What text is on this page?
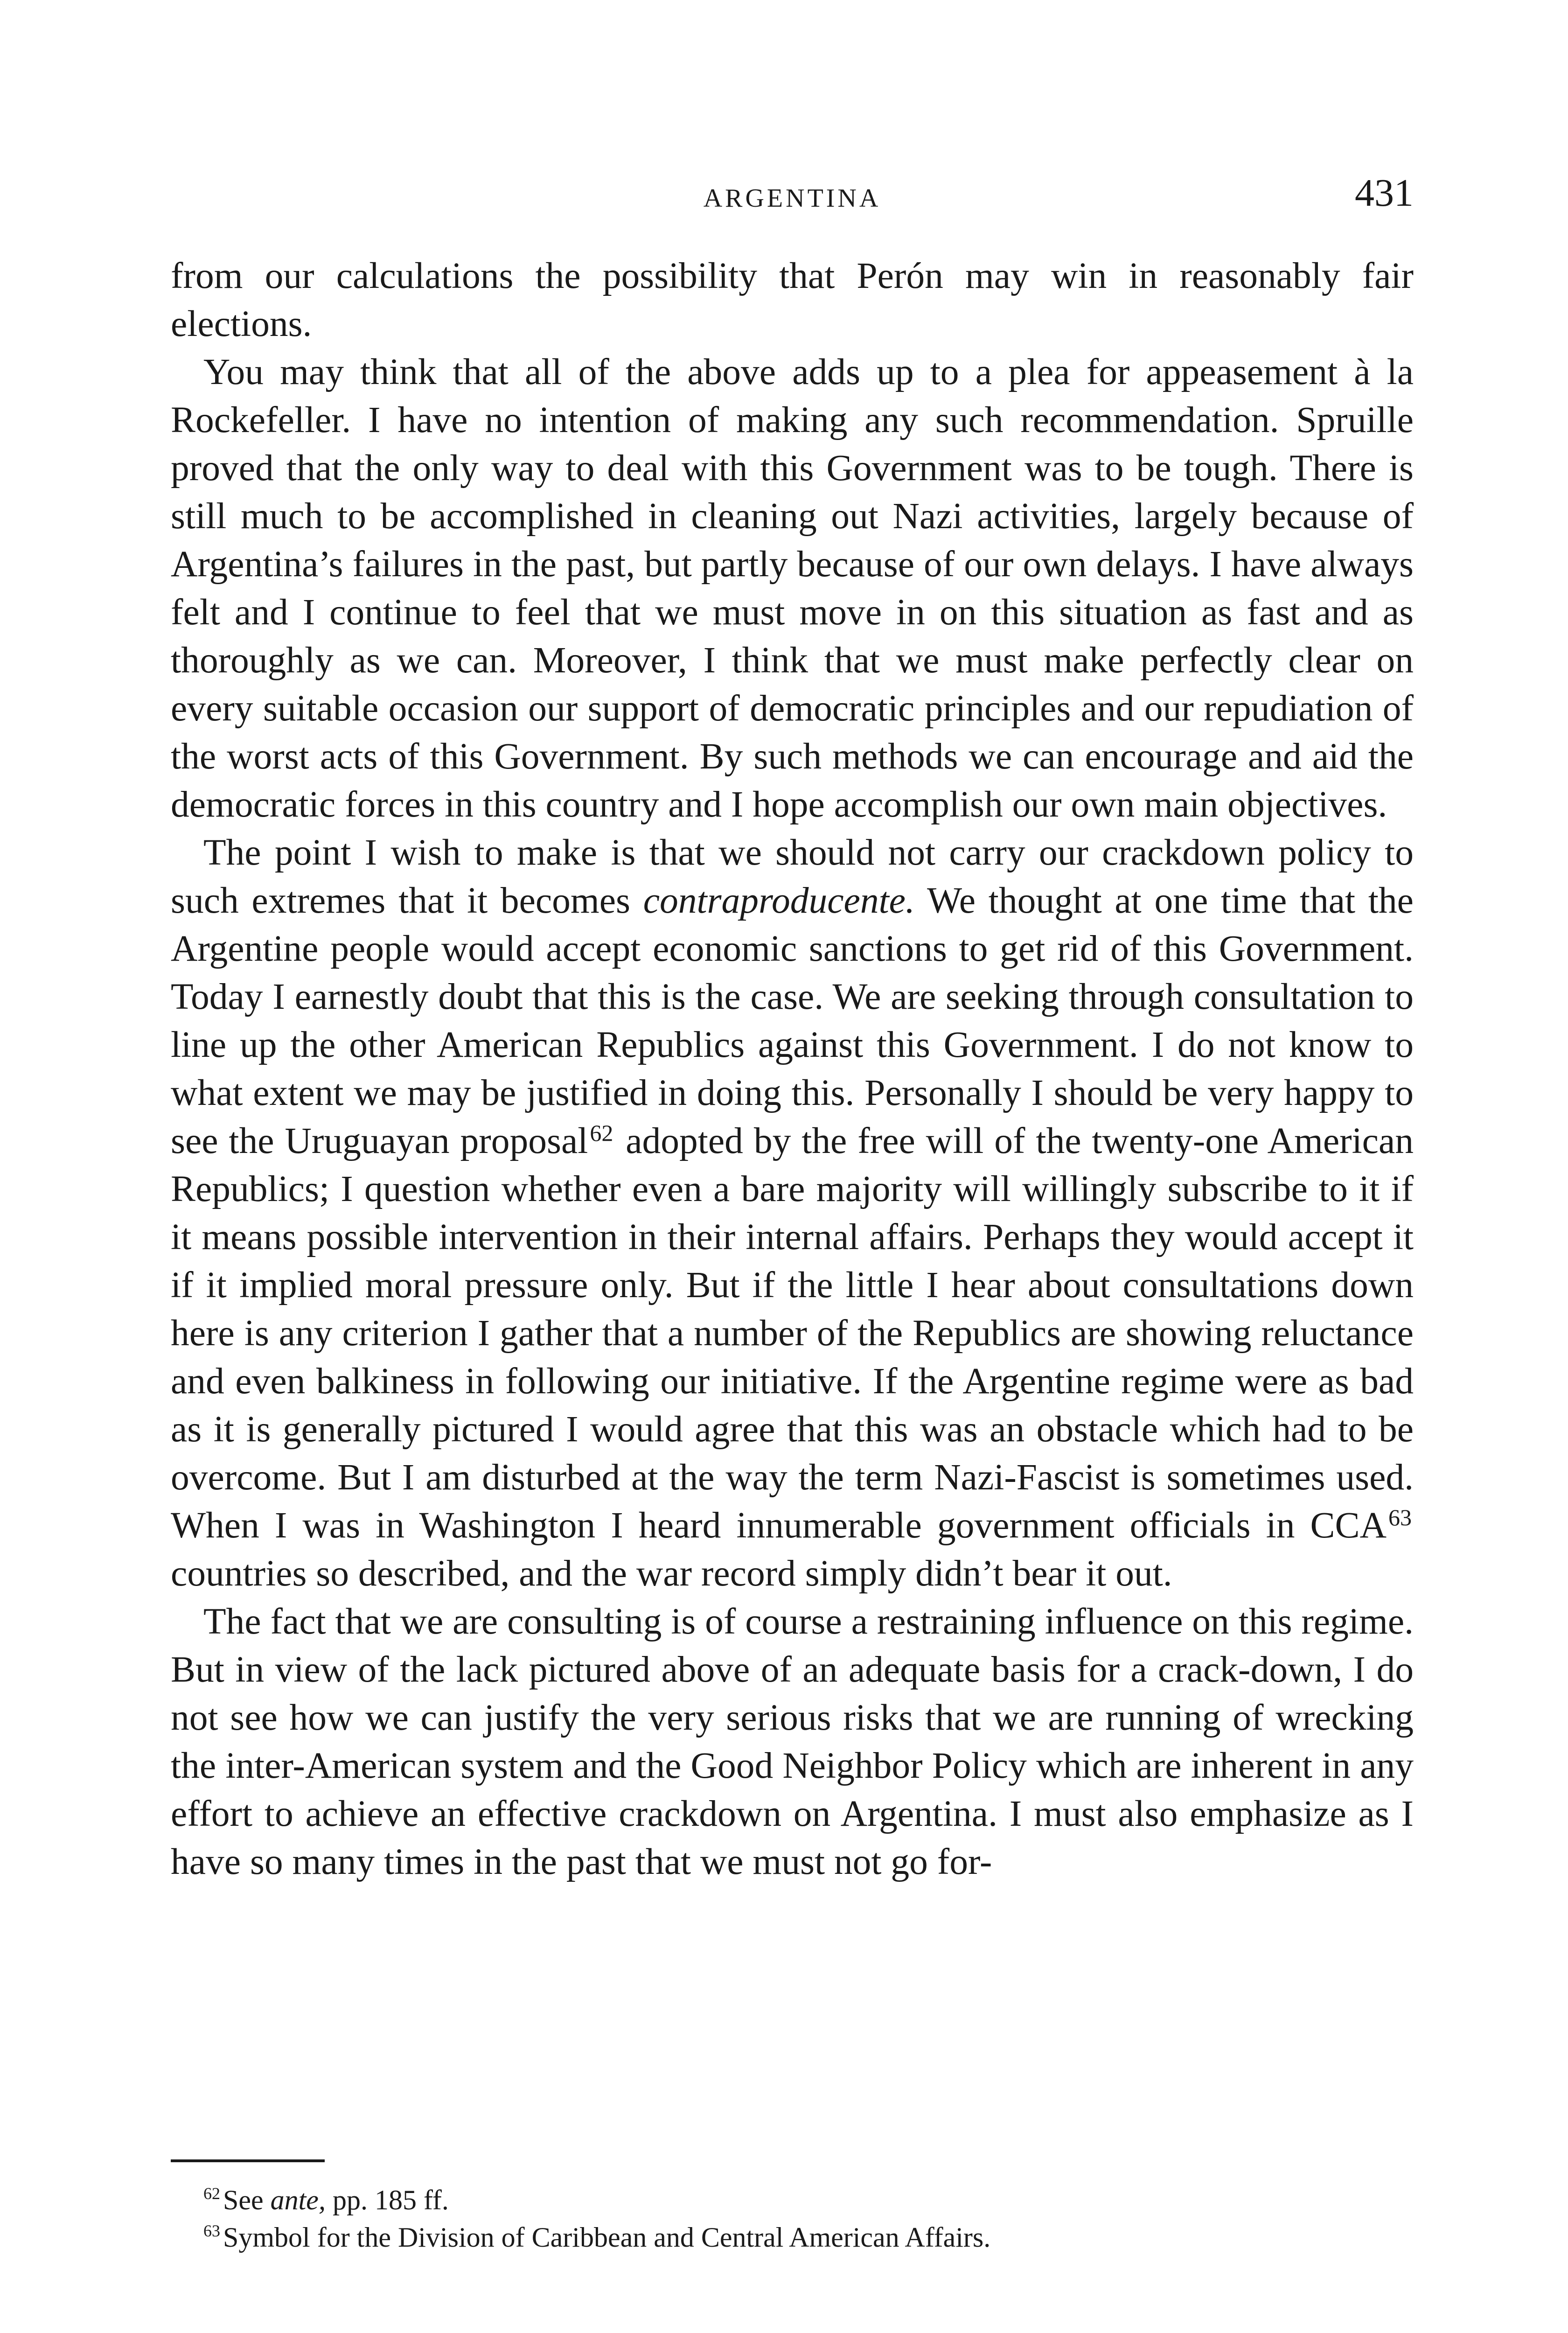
ARGENTINA	431

from our calculations the possibility that Perón may win in reasonably fair elections.

You may think that all of the above adds up to a plea for appeasement à la Rockefeller. I have no intention of making any such recommendation. Spruille proved that the only way to deal with this Government was to be tough. There is still much to be accomplished in cleaning out Nazi activities, largely because of Argentina’s failures in the past, but partly because of our own delays. I have always felt and I continue to feel that we must move in on this situation as fast and as thoroughly as we can. Moreover, I think that we must make perfectly clear on every suitable occasion our support of democratic principles and our repudiation of the worst acts of this Government. By such methods we can encourage and aid the democratic forces in this country and I hope accomplish our own main objectives.

The point I wish to make is that we should not carry our crackdown policy to such extremes that it becomes contraproducente. We thought at one time that the Argentine people would accept economic sanctions to get rid of this Government. Today I earnestly doubt that this is the case. We are seeking through consultation to line up the other American Republics against this Government. I do not know to what extent we may be justified in doing this. Personally I should be very happy to see the Uruguayan proposal$^{62}$ adopted by the free will of the twenty-one American Republics; I question whether even a bare majority will willingly subscribe to it if it means possible intervention in their internal affairs. Perhaps they would accept it if it implied moral pressure only. But if the little I hear about consultations down here is any criterion I gather that a number of the Republics are showing reluctance and even balkiness in following our initiative. If the Argentine regime were as bad as it is generally pictured I would agree that this was an obstacle which had to be overcome. But I am disturbed at the way the term Nazi-Fascist is sometimes used. When I was in Washington I heard innumerable government officials in CCA$^{63}$ countries so described, and the war record simply didn’t bear it out.

The fact that we are consulting is of course a restraining influence on this regime. But in view of the lack pictured above of an adequate basis for a crack-down, I do not see how we can justify the very serious risks that we are running of wrecking the inter-American system and the Good Neighbor Policy which are inherent in any effort to achieve an effective crackdown on Argentina. I must also emphasize as I have so many times in the past that we must not go for-

$^{62}$ See ante, pp. 185 ff.

$^{63}$ Symbol for the Division of Caribbean and Central American Affairs.
